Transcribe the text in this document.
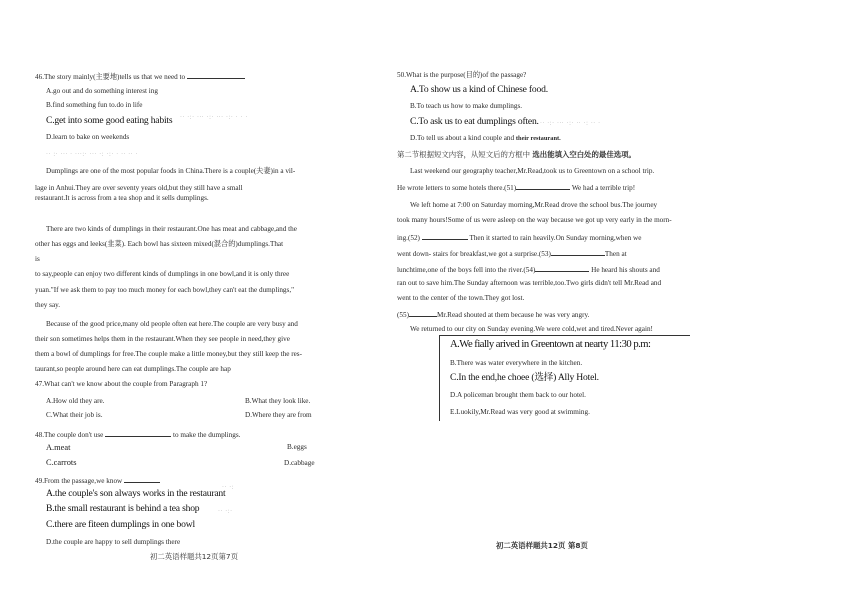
46.The story mainly(主要地)tells us that we need to
A.go out and do something interest ing
B.find something fun to.do in life
C.get into some good eating habits
D.learn to bake on weekends
·· :· ··· · ···:· ··· ·: ·:· · ·· ·· ·
·· ·:· ··· ·:· ··· ·:· · · ·
Dumplings are one of the most popular foods in China.There is a couple(夫妻)in a vil-
lage in Anhui.They are over seventy years old,but they still have a small
restaurant.It is across from a tea shop and it sells dumplings.
There are two kinds of dumplings in their restaurant.One has meat and cabbage,and the
other has eggs and leeks(韭菜). Each bowl has sixteen mixed(混合的)dumplings.That
is
to say,people can enjoy two different kinds of dumplings in one bowl,and it is only three
yuan."If we ask them to pay too much money for each bowl,they can't eat the dumplings,"
they say.
Because of the good price,many old people often eat here.The couple are very busy and
their son sometimes helps them in the restaurant.When they see people in need,they give
them a bowl of dumplings for free.The couple make a little money,but they still keep the res-
taurant,so people around here can eat dumplings.The couple are hap
47.What can't we know about the couple from Paragraph 1?
A.How old they are.	B.What they look like.
C.What their job is.	D.Where they are from
48.The couple don't use	to make the dumplings.
A.meat	B.eggs
C.carrots	D.cabbage
49.From the passage,we know
A.the couple's son always works in the restaurant
B.the small restaurant is behind a tea shop
C.there are fiteen dumplings in one bowl
D.the couple are happy to sell dumplings there
·· ·:
·· ·:·
初二英语样题共12页第7页
50.What is the purpose(目的)of the passage?
A.To show us a kind of Chinese food.
B.To teach us how to make dumplings.
C.To ask us to eat dumplings often.
D.To tell us about a kind couple and their restaurant.
·· ·:· ··· ·:· ·· ·: ·· ·
第二节根据短文内容，从短文后的方框中 选出能填入空白处的最佳选项。
Last weekend our geography teacher,Mr.Read,took us to Greentown on a school trip.
He wrote letters to some hotels there.(51)	We had a terrible trip!
We left home at 7:00 on Saturday morning,Mr.Read drove the school bus.The journey
took many hours!Some of us were asleep on the way because we got up very early in the morn-
ing.(52)	Then it started to rain heavily.On Sunday morning,when we
went down- stairs for breakfast,we got a surprise.(53)	Then at
lunchtime,one of the boys fell into the river.(54)	He heard his shouts and
ran out to save him.The Sunday afternoon was terrible,too.Two girls didn't tell Mr.Read and
went to the center of the town.They got lost.
(55)	Mr.Read shouted at them because he was very angry.
We returned to our city on Sunday evening.We were cold,wet and tired.Never again!
A.We fially arived in Greentown at nearty 11:30 p.m:
B.There was water everywhere in the kitchen.
C.In the end,he choee (选择) Ally Hotel.
D.A policeman brought them back to our hotel.
E.Luokily,Mr.Read was very good at swimming.
初二英语样题共12页 第8页
